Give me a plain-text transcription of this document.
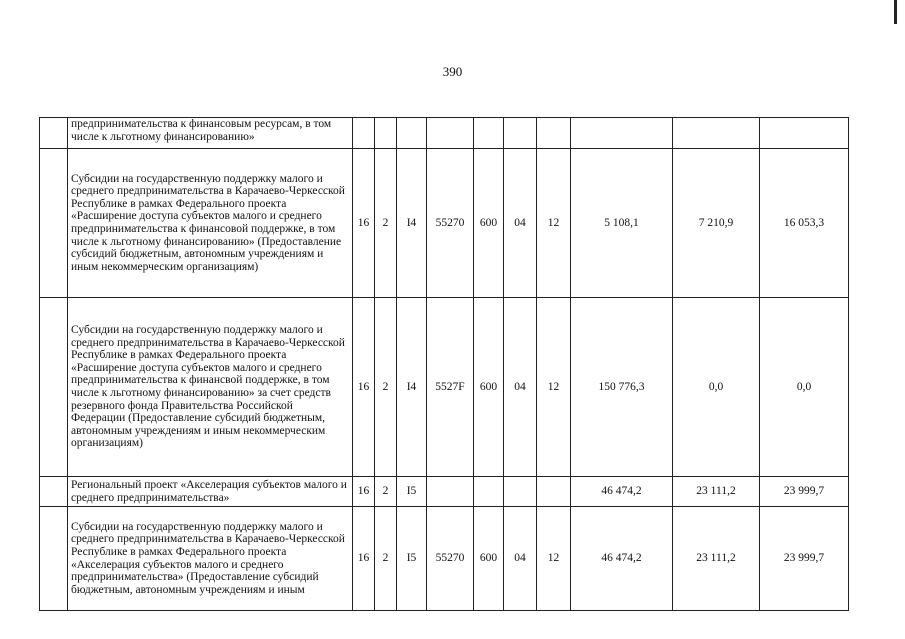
390
	предпринимательства к финансовым ресурсам, в том числе к льготному финансированию»										
	Субсидии на государственную поддержку малого и среднего предпринимательства в Карачаево-Черкесской Республике в рамках Федерального проекта «Расширение доступа субъектов малого и среднего предпринимательства к финансовой поддержке, в том числе к льготному финансированию» (Предоставление субсидий бюджетным, автономным учреждениям и иным некоммерческим организациям)	16	2	I4	55270	600	04	12	5 108,1	7 210,9	16 053,3
	Субсидии на государственную поддержку малого и среднего предпринимательства в Карачаево-Черкесской Республике в рамках Федерального проекта «Расширение доступа субъектов малого и среднего предпринимательства к финансвой поддержке, в том числе к льготному финансированию» за счет средств резервного фонда Правительства Российской Федерации (Предоставление субсидий бюджетным, автономным учреждениям и иным некоммерческим организациям)	16	2	I4	5527F	600	04	12	150 776,3	0,0	0,0
	Региональный проект «Акселерация субъектов малого и среднего предпринимательства»	16	2	I5					46 474,2	23 111,2	23 999,7
	Субсидии на государственную поддержку малого и среднего предпринимательства в Карачаево-Черкесской Республике в рамках Федерального проекта «Акселерация субъектов малого и среднего предпринимательства» (Предоставление субсидий бюджетным, автономным учреждениям и иным	16	2	I5	55270	600	04	12	46 474,2	23 111,2	23 999,7
